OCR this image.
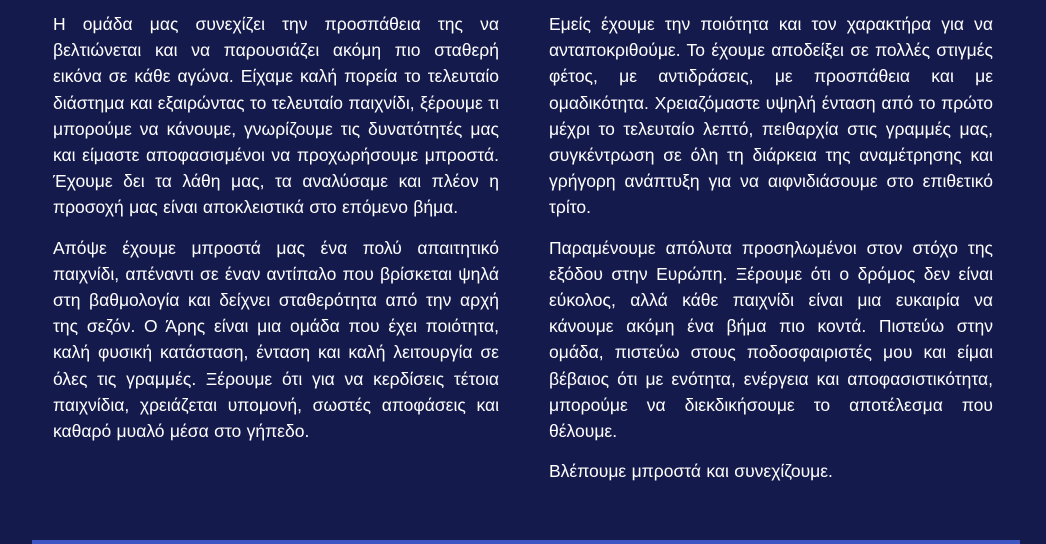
Η ομάδα μας συνεχίζει την προσπάθεια της να βελτιώνεται και να παρουσιάζει ακόμη πιο σταθερή εικόνα σε κάθε αγώνα. Είχαμε καλή πορεία το τελευταίο διάστημα και εξαιρώντας το τελευταίο παιχνίδι, ξέρουμε τι μπορούμε να κάνουμε, γνωρίζουμε τις δυνατότητές μας και είμαστε αποφασισμένοι να προχωρήσουμε μπροστά. Έχουμε δει τα λάθη μας, τα αναλύσαμε και πλέον η προσοχή μας είναι αποκλειστικά στο επόμενο βήμα.

Απόψε έχουμε μπροστά μας ένα πολύ απαιτητικό παιχνίδι, απέναντι σε έναν αντίπαλο που βρίσκεται ψηλά στη βαθμολογία και δείχνει σταθερότητα από την αρχή της σεζόν. Ο Άρης είναι μια ομάδα που έχει ποιότητα, καλή φυσική κατάσταση, ένταση και καλή λειτουργία σε όλες τις γραμμές. Ξέρουμε ότι για να κερδίσεις τέτοια παιχνίδια, χρειάζεται υπομονή, σωστές αποφάσεις και καθαρό μυαλό μέσα στο γήπεδο.

Εμείς έχουμε την ποιότητα και τον χαρακτήρα για να ανταποκριθούμε. Το έχουμε αποδείξει σε πολλές στιγμές φέτος, με αντιδράσεις, με προσπάθεια και με ομαδικότητα. Χρειαζόμαστε υψηλή ένταση από το πρώτο μέχρι το τελευταίο λεπτό, πειθαρχία στις γραμμές μας, συγκέντρωση σε όλη τη διάρκεια της αναμέτρησης και γρήγορη ανάπτυξη για να αιφνιδιάσουμε στο επιθετικό τρίτο.

Παραμένουμε απόλυτα προσηλωμένοι στον στόχο της εξόδου στην Ευρώπη. Ξέρουμε ότι ο δρόμος δεν είναι εύκολος, αλλά κάθε παιχνίδι είναι μια ευκαιρία να κάνουμε ακόμη ένα βήμα πιο κοντά. Πιστεύω στην ομάδα, πιστεύω στους ποδοσφαιριστές μου και είμαι βέβαιος ότι με ενότητα, ενέργεια και αποφασιστικότητα, μπορούμε να διεκδικήσουμε το αποτέλεσμα που θέλουμε.

Βλέπουμε μπροστά και συνεχίζουμε.
